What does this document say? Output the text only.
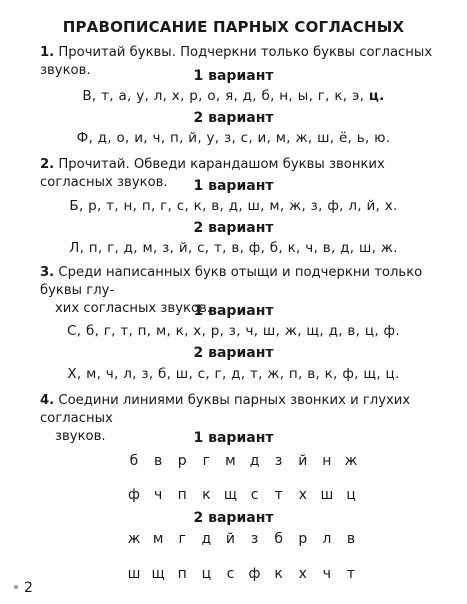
ПРАВОПИСАНИЕ ПАРНЫХ СОГЛАСНЫХ
1. Прочитай буквы. Подчеркни только буквы согласных звуков.	1 вариант
В, т, а, у, л, х, р, о, я, д, б, н, ы, г, к, э, ц.
2 вариант
Ф, д, о, и, ч, п, й, у, з, с, и, м, ж, ш, ё, ь, ю.
2. Прочитай. Обведи карандашом буквы звонких согласных звуков.	1 вариант
Б, р, т, н, п, г, с, к, в, д, ш, м, ж, з, ф, л, й, х.
2 вариант
Л, п, г, д, м, з, й, с, т, в, ф, б, к, ч, в, д, ш, ж.
3. Среди написанных букв отыщи и подчеркни только буквы глу-
хих согласных звуков.
1 вариант
С, б, г, т, п, м, к, х, р, з, ч, ш, ж, щ, д, в, ц, ф.
2 вариант
Х, м, ч, л, з, б, ш, с, г, д, т, ж, п, в, к, ф, щ, ц.
4. Соедини линиями буквы парных звонких и глухих согласных
звуков.	1 вариант
б	в	р	г	м д	з	й	н ж
ф ч	п	к щ с	т	х ш ц
2 вариант
ж м	г	д	й	з	б	р	л	в
ш щ п	ц	с	ф к	х	ч	т
2
